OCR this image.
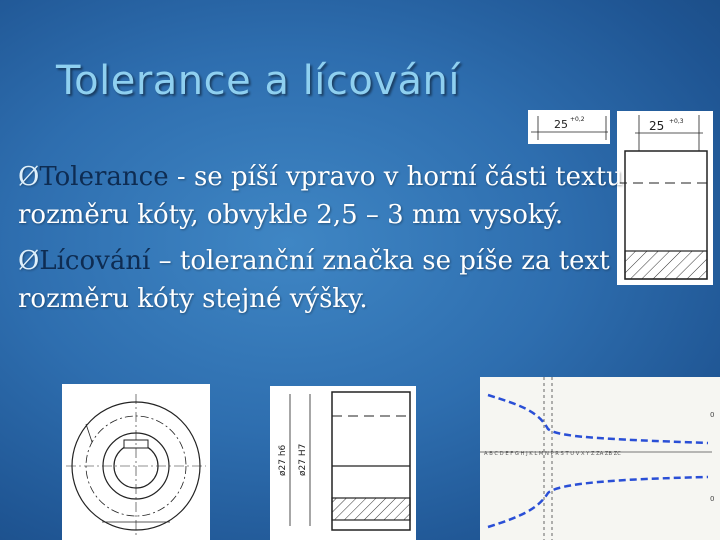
Tolerance a lícování
25 +0,2	25 +0,3

ØTolerance - se píší vpravo v horní části textu rozměru kóty, obvykle 2,5 – 3 mm vysoký.

ØLícování – toleranční značka se píše za text rozměru kóty stejné výšky.

ø27 h6 ø27 H7	A B C D E F G H J K L M N P R S T U V X Y Z ZA ZB ZC
0
0
